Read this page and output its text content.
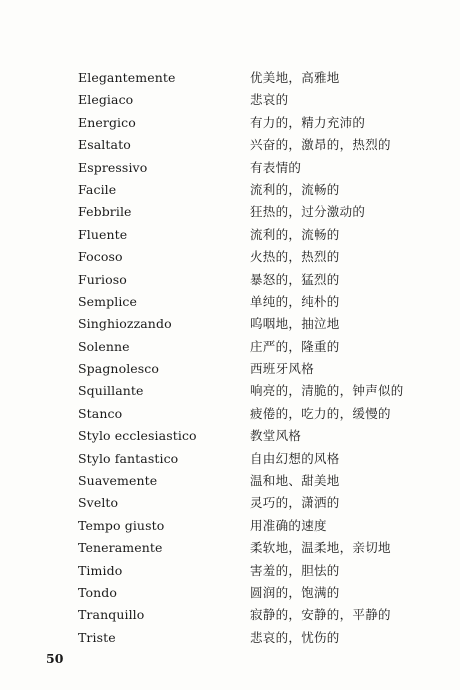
Elegantemente	优美地，高雅地
Elegiaco	悲哀的
Energico	有力的，精力充沛的
Esaltato	兴奋的，激昂的，热烈的
Espressivo	有表情的
Facile	流利的，流畅的
Febbrile	狂热的，过分激动的
Fluente	流利的，流畅的
Focoso	火热的，热烈的
Furioso	暴怒的，猛烈的
Semplice	单纯的，纯朴的
Singhiozzando	呜咽地，抽泣地
Solenne	庄严的，隆重的
Spagnolesco	西班牙风格
Squillante	响亮的，清脆的，钟声似的
Stanco	疲倦的，吃力的，缓慢的
Stylo ecclesiastico	教堂风格
Stylo fantastico	自由幻想的风格
Suavemente	温和地、甜美地
Svelto	灵巧的，潇洒的
Tempo giusto	用准确的速度
Teneramente	柔软地，温柔地，亲切地
Timido	害羞的，胆怯的
Tondo	圆润的，饱满的
Tranquillo	寂静的，安静的，平静的
Triste	悲哀的，忧伤的
50
